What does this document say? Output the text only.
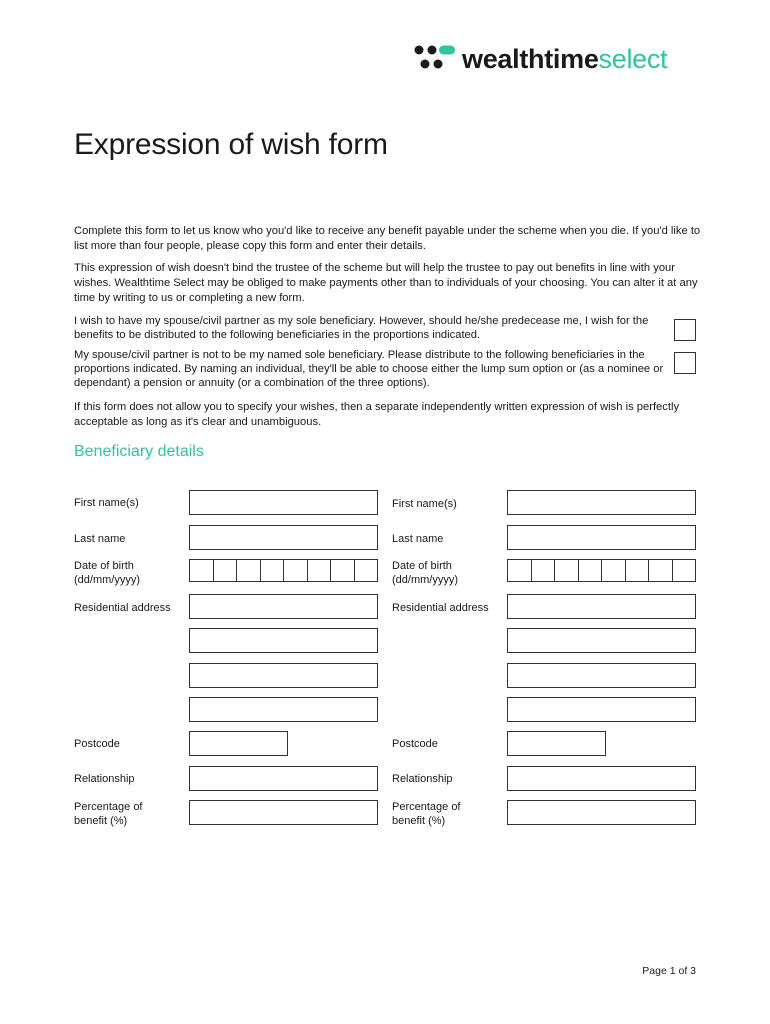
wealthtimeselect
Expression of wish form

Complete this form to let us know who you'd like to receive any benefit payable under the scheme when you die. If you'd like to list more than four people, please copy this form and enter their details.

This expression of wish doesn't bind the trustee of the scheme but will help the trustee to pay out benefits in line with your wishes. Wealthtime Select may be obliged to make payments other than to individuals of your choosing. You can alter it at any time by writing to us or completing a new form.

I wish to have my spouse/civil partner as my sole beneficiary. However, should he/she predecease me, I wish for the benefits to be distributed to the following beneficiaries in the proportions indicated.

My spouse/civil partner is not to be my named sole beneficiary. Please distribute to the following beneficiaries in the proportions indicated. By naming an individual, they'll be able to choose either the lump sum option or (as a nominee or dependant) a pension or annuity (or a combination of the three options).

If this form does not allow you to specify your wishes, then a separate independently written expression of wish is perfectly acceptable as long as it's clear and unambiguous.

Beneficiary details
First name(s)
Last name
Date of birth
(dd/mm/yyyy)
Residential address
Postcode
Relationship
Percentage of
benefit (%)
First name(s)
Last name
Date of birth
(dd/mm/yyyy)
Residential address
Postcode
Relationship
Percentage of
benefit (%)
Page 1 of 3
